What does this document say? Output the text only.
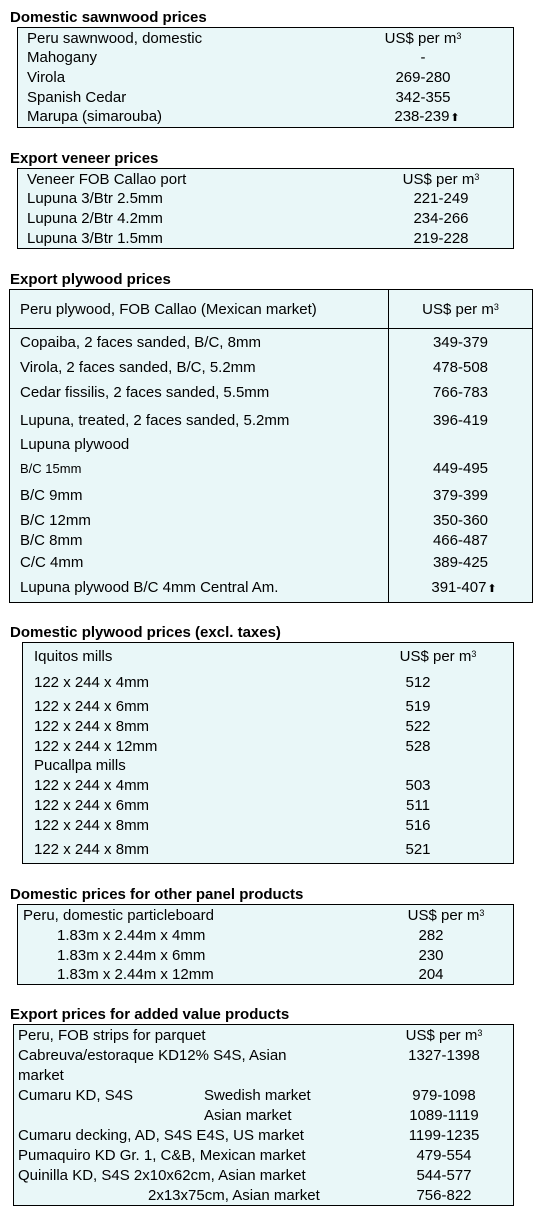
Domestic sawnwood prices
Peru sawnwood, domestic	US$ per $m^3$
Mahogany	-
Virola	269-280
Spanish Cedar	342-355
Marupa (simarouba)	238-239⬆
Export veneer prices
Veneer FOB Callao port	US$ per $m^3$
Lupuna 3/Btr 2.5mm	221-249
Lupuna 2/Btr 4.2mm	234-266
Lupuna 3/Btr 1.5mm	219-228
Export plywood prices
Peru plywood, FOB Callao (Mexican market)	US$ per $m^3$
Copaiba, 2 faces sanded, B/C, 8mm	349-379
Virola, 2 faces sanded, B/C, 5.2mm	478-508
Cedar fissilis, 2 faces sanded, 5.5mm	766-783
Lupuna, treated, 2 faces sanded, 5.2mm	396-419
Lupuna plywood
B/C 15mm	449-495
B/C 9mm	379-399
B/C 12mm	350-360
B/C 8mm	466-487
C/C 4mm	389-425
Lupuna plywood B/C 4mm Central Am.	391-407⬆
Domestic plywood prices (excl. taxes)
Iquitos mills	US$ per $m^3$
122 x 244 x 4mm	512
122 x 244 x 6mm	519
122 x 244 x 8mm	522
122 x 244 x 12mm	528
Pucallpa mills
122 x 244 x 4mm	503
122 x 244 x 6mm	511
122 x 244 x 8mm	516
122 x 244 x 8mm	521
Domestic prices for other panel products
Peru, domestic particleboard	US$ per $m^3$
1.83m x 2.44m x 4mm	282
1.83m x 2.44m x 6mm	230
1.83m x 2.44m x 12mm	204
Export prices for added value products
Peru, FOB strips for parquet	US$ per $m^3$
Cabreuva/estoraque KD12% S4S, Asian	1327-1398
market
Cumaru KD, S4S	Swedish market	979-1098
Asian market	1089-1119
Cumaru decking, AD, S4S E4S, US market	1199-1235
Pumaquiro KD Gr. 1, C&B, Mexican market	479-554
Quinilla KD, S4S 2x10x62cm, Asian market	544-577
2x13x75cm, Asian market	756-822
